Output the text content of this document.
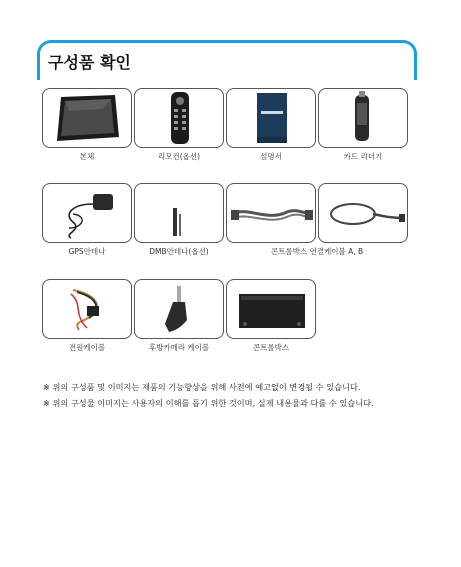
구성품 확인
본체	리모컨(옵션)	설명서	카드 리더기
GPS안테나	DMB안테나(옵션)	콘트롤박스 연결케이블 A, B
전원케이블	후방카메라 케이블	콘트롤박스
※ 위의 구성품 및 이미지는 제품의 기능향상을 위해 사전에 예고없이 변경될 수 있습니다.
※ 위의 구성물 이미지는 사용자의 이해를 돕기 위한 것이며, 실제 내용물과 다를 수 있습니다.
